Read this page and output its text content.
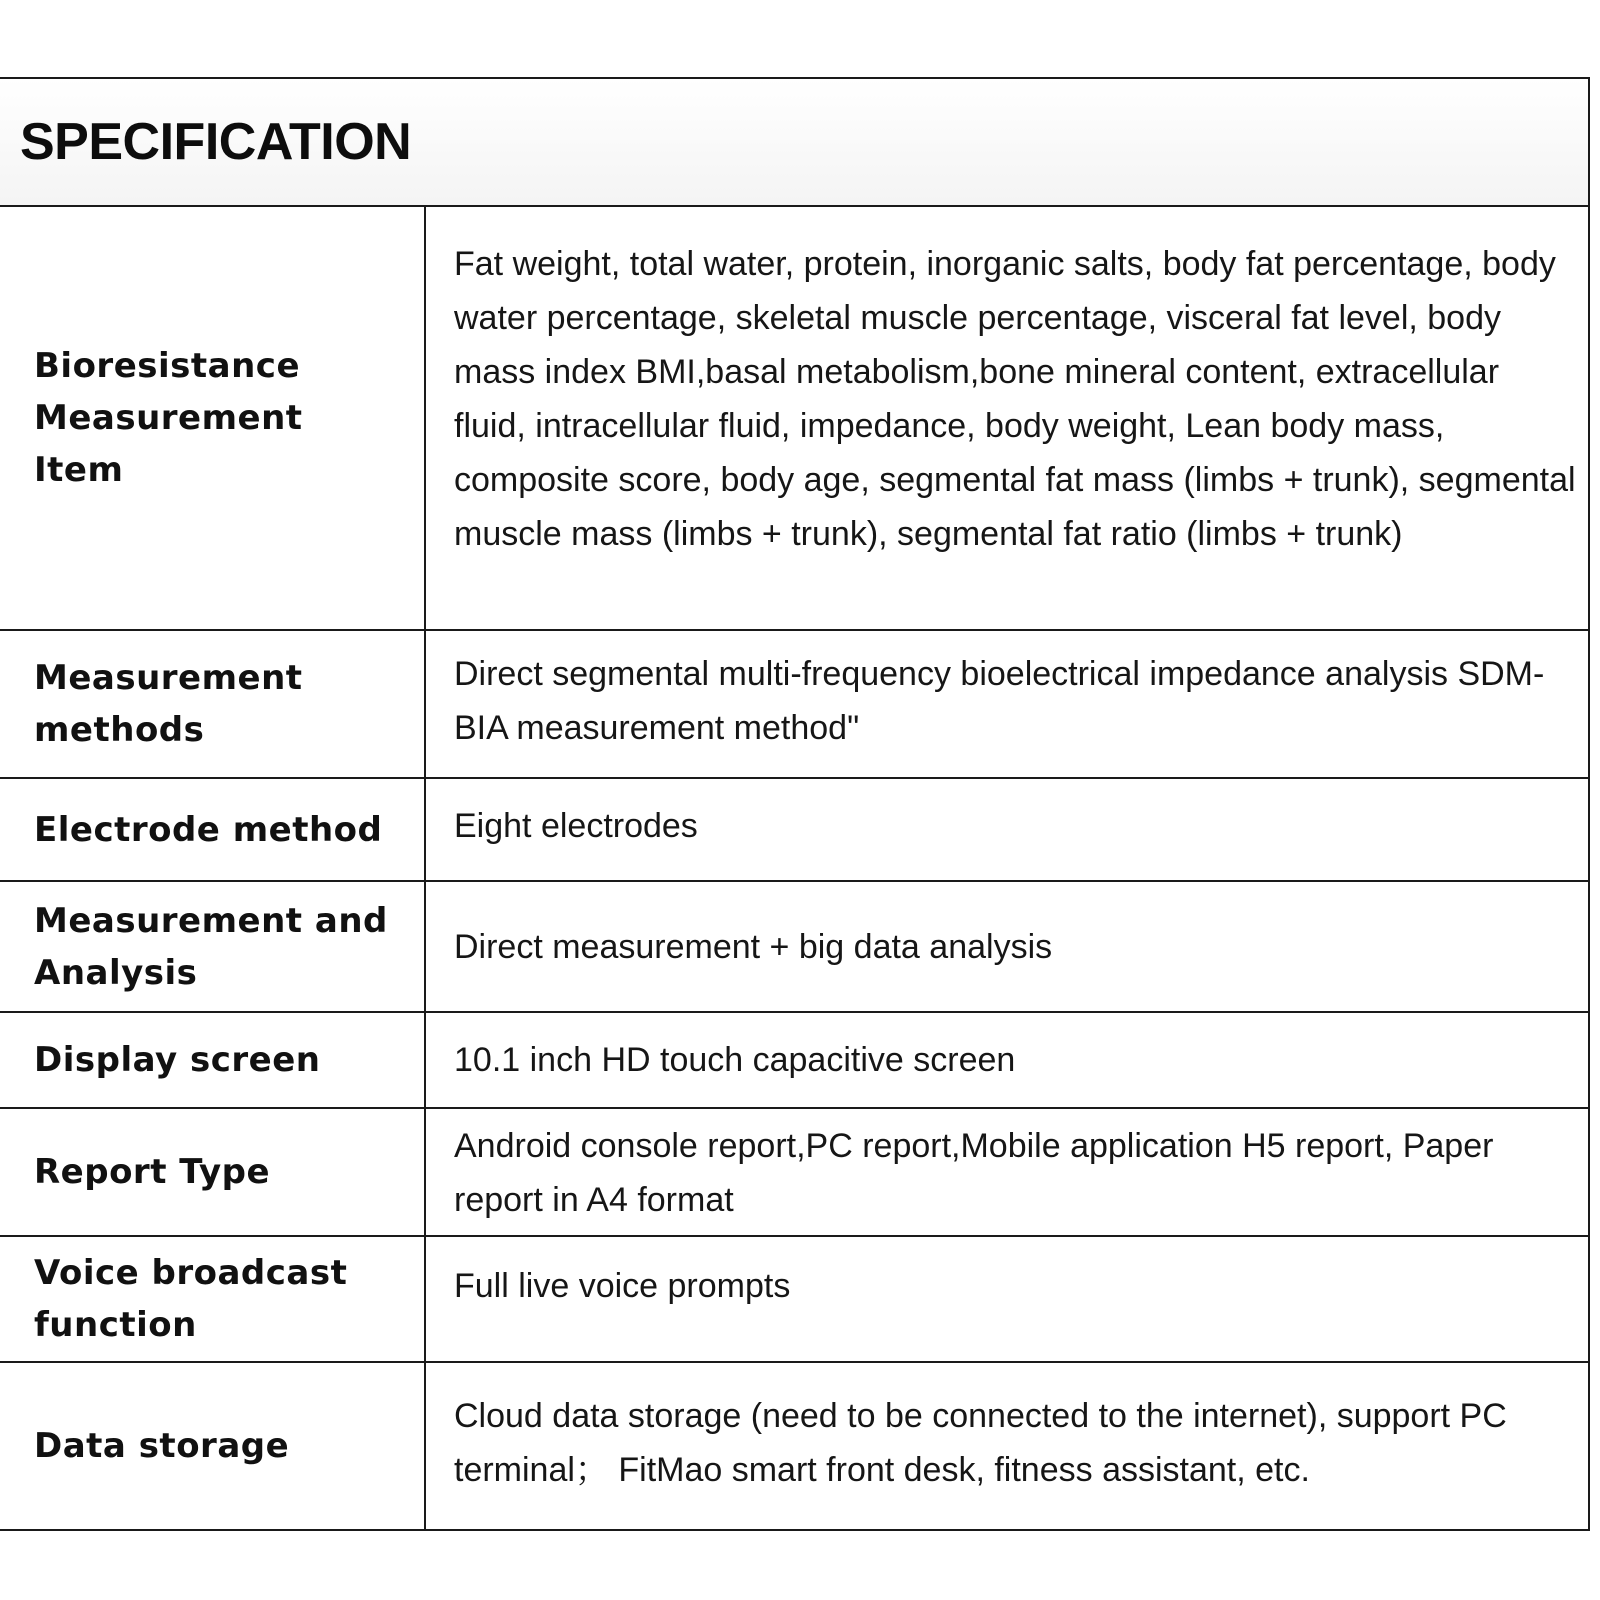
SPECIFICATION
Bioresistance Measurement Item
Fat weight, total water, protein, inorganic salts, body fat percentage, body water percentage, skeletal muscle percentage, visceral fat level, body mass index BMI,basal metabolism,bone mineral content, extracellular fluid, intracellular fluid, impedance, body weight, Lean body mass, composite score, body age, segmental fat mass (limbs + trunk), segmental muscle mass (limbs + trunk), segmental fat ratio (limbs + trunk)
Measurement methods
Direct segmental multi-frequency bioelectrical impedance analysis SDM-BIA measurement method"
Electrode method	Eight electrodes
Measurement and Analysis
Direct measurement + big data analysis
Display screen	10.1 inch HD touch capacitive screen
Report Type
Android console report,PC report,Mobile application H5 report, Paper report in A4 format
Voice broadcast function
Full live voice prompts
Data storage
Cloud data storage (need to be connected to the internet), support PC terminal； FitMao smart front desk, fitness assistant, etc.
